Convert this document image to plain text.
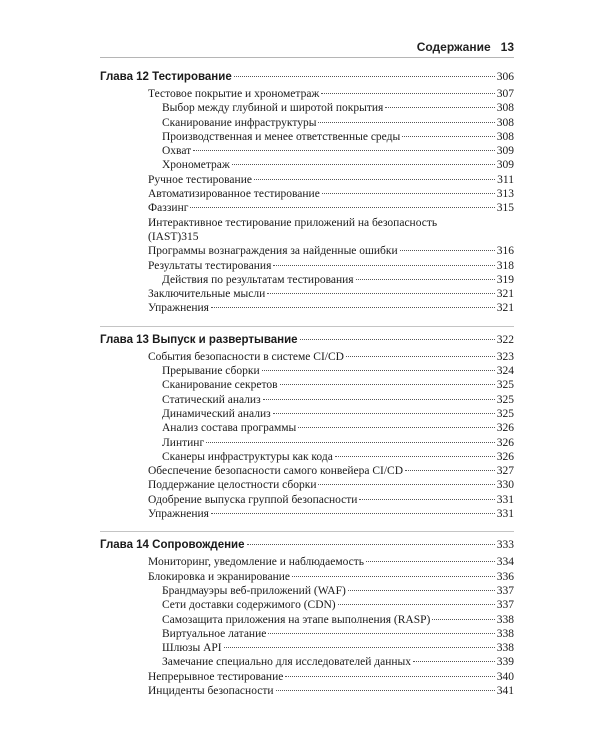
Содержание 13
Глава 12 Тестирование	306
Тестовое покрытие и хронометраж	307
Выбор между глубиной и широтой покрытия	308
Сканирование инфраструктуры	308
Производственная и менее ответственные среды	308
Охват	309
Хронометраж	309
Ручное тестирование	311
Автоматизированное тестирование	313
Фаззинг	315
Интерактивное тестирование приложений на безопасность
(IAST) 315
Программы вознаграждения за найденные ошибки	316
Результаты тестирования	318
Действия по результатам тестирования	319
Заключительные мысли	321
Упражнения	321
Глава 13 Выпуск и развертывание	322
События безопасности в системе CI/CD	323
Прерывание сборки	324
Сканирование секретов	325
Статический анализ	325
Динамический анализ	325
Анализ состава программы	326
Линтинг	326
Сканеры инфраструктуры как кода	326
Обеспечение безопасности самого конвейера CI/CD	327
Поддержание целостности сборки	330
Одобрение выпуска группой безопасности	331
Упражнения	331
Глава 14 Сопровождение	333
Мониторинг, уведомление и наблюдаемость	334
Блокировка и экранирование	336
Брандмауэры веб-приложений (WAF)	337
Сети доставки содержимого (CDN)	337
Самозащита приложения на этапе выполнения (RASP)	338
Виртуальное латание	338
Шлюзы API	338
Замечание специально для исследователей данных	339
Непрерывное тестирование	340
Инциденты безопасности	341
